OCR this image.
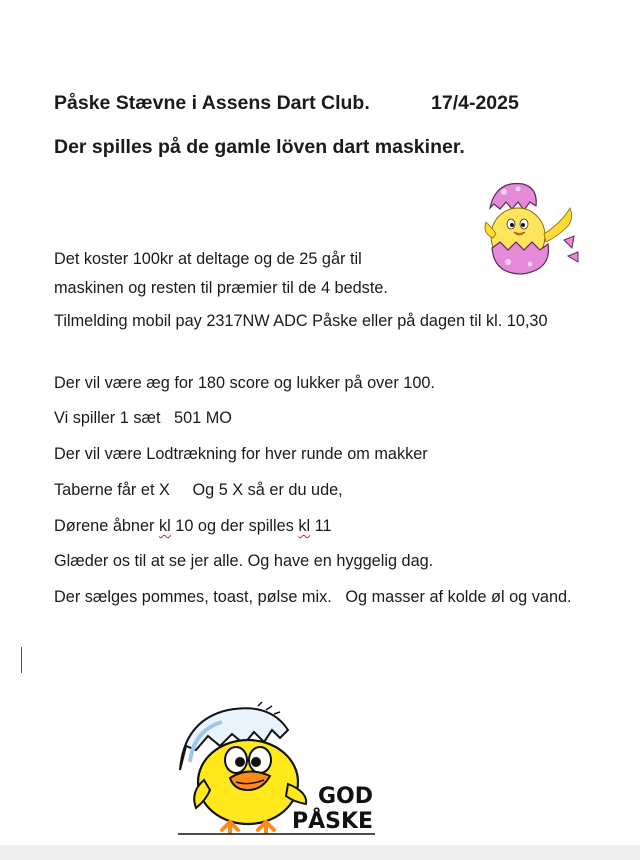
Påske Stævne i Assens Dart Club.	17/4-2025
Der spilles på de gamle löven dart maskiner.
Det koster 100kr at deltage og de 25 går til
maskinen og resten til præmier til de 4 bedste.
Tilmelding mobil pay 2317NW ADC Påske eller på dagen til kl. 10,30
Der vil være æg for 180 score og lukker på over 100.
Vi spiller 1 sæt   501 MO
Der vil være Lodtrækning for hver runde om makker
Taberne får et X     Og 5 X så er du ude,
Dørene åbner kl 10 og der spilles kl 11
Glæder os til at se jer alle. Og have en hyggelig dag.
Der sælges pommes, toast, pølse mix.   Og masser af kolde øl og vand.
GOD
PÅSKE
